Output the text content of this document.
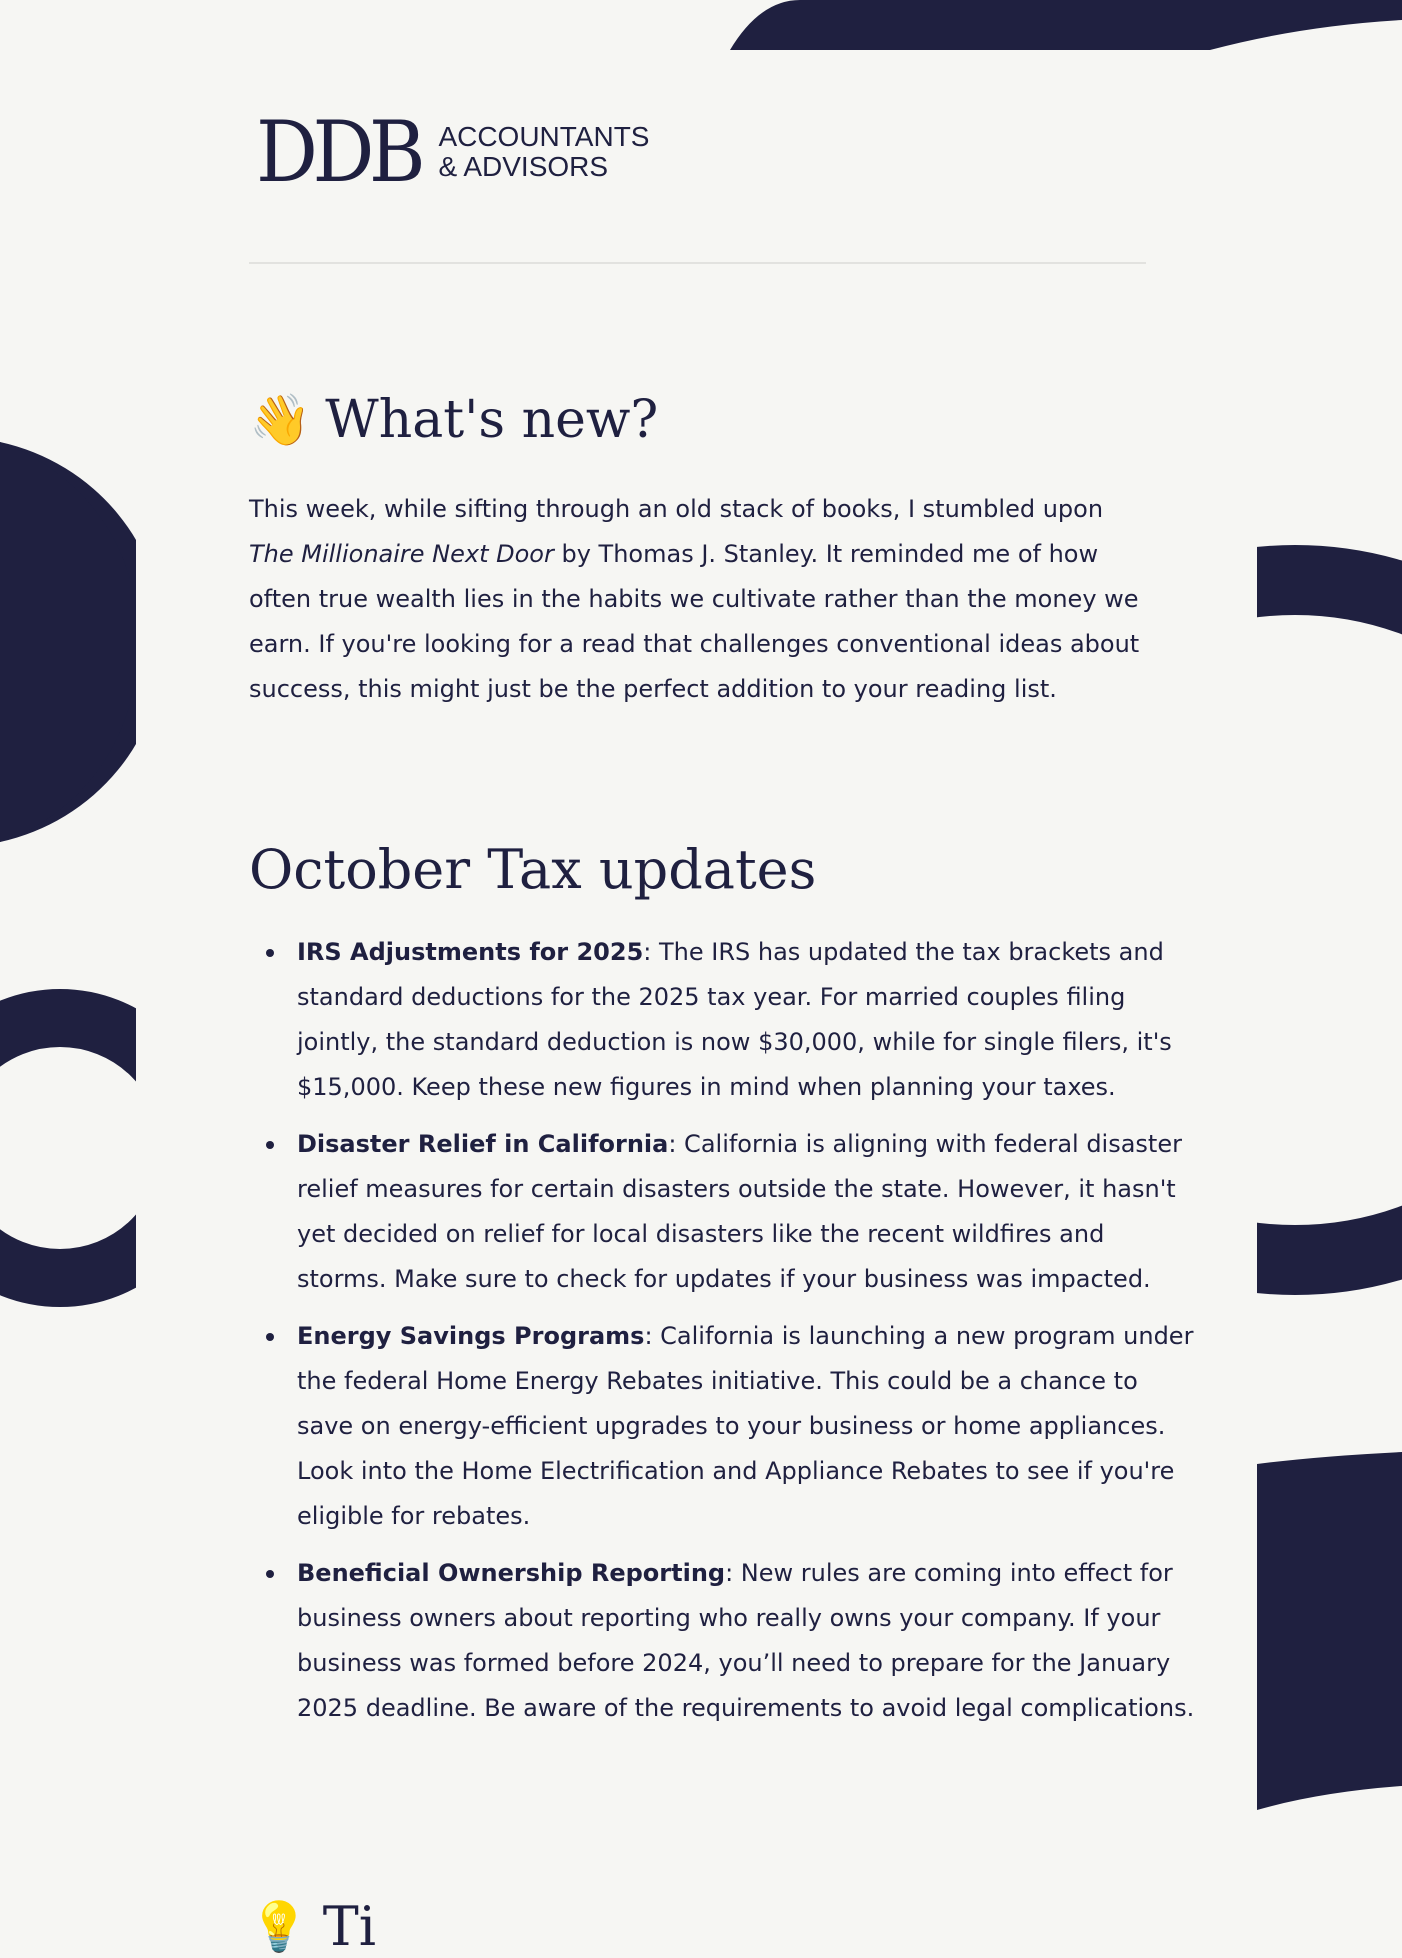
DDB ACCOUNTANTS
& ADVISORS
👋 What's new?

This week, while sifting through an old stack of books, I stumbled upon The Millionaire Next Door by Thomas J. Stanley. It reminded me of how often true wealth lies in the habits we cultivate rather than the money we earn. If you're looking for a read that challenges conventional ideas about success, this might just be the perfect addition to your reading list.

October Tax updates
IRS Adjustments for 2025: The IRS has updated the tax brackets and standard deductions for the 2025 tax year. For married couples filing jointly, the standard deduction is now $30,000, while for single filers, it's $15,000. Keep these new figures in mind when planning your taxes.
Disaster Relief in California: California is aligning with federal disaster relief measures for certain disasters outside the state. However, it hasn't yet decided on relief for local disasters like the recent wildfires and storms. Make sure to check for updates if your business was impacted.
Energy Savings Programs: California is launching a new program under the federal Home Energy Rebates initiative. This could be a chance to save on energy-efficient upgrades to your business or home appliances. Look into the Home Electrification and Appliance Rebates to see if you're eligible for rebates.
Beneficial Ownership Reporting: New rules are coming into effect for business owners about reporting who really owns your company. If your business was formed before 2024, you’ll need to prepare for the January 2025 deadline. Be aware of the requirements to avoid legal complications.
💡 Ti
